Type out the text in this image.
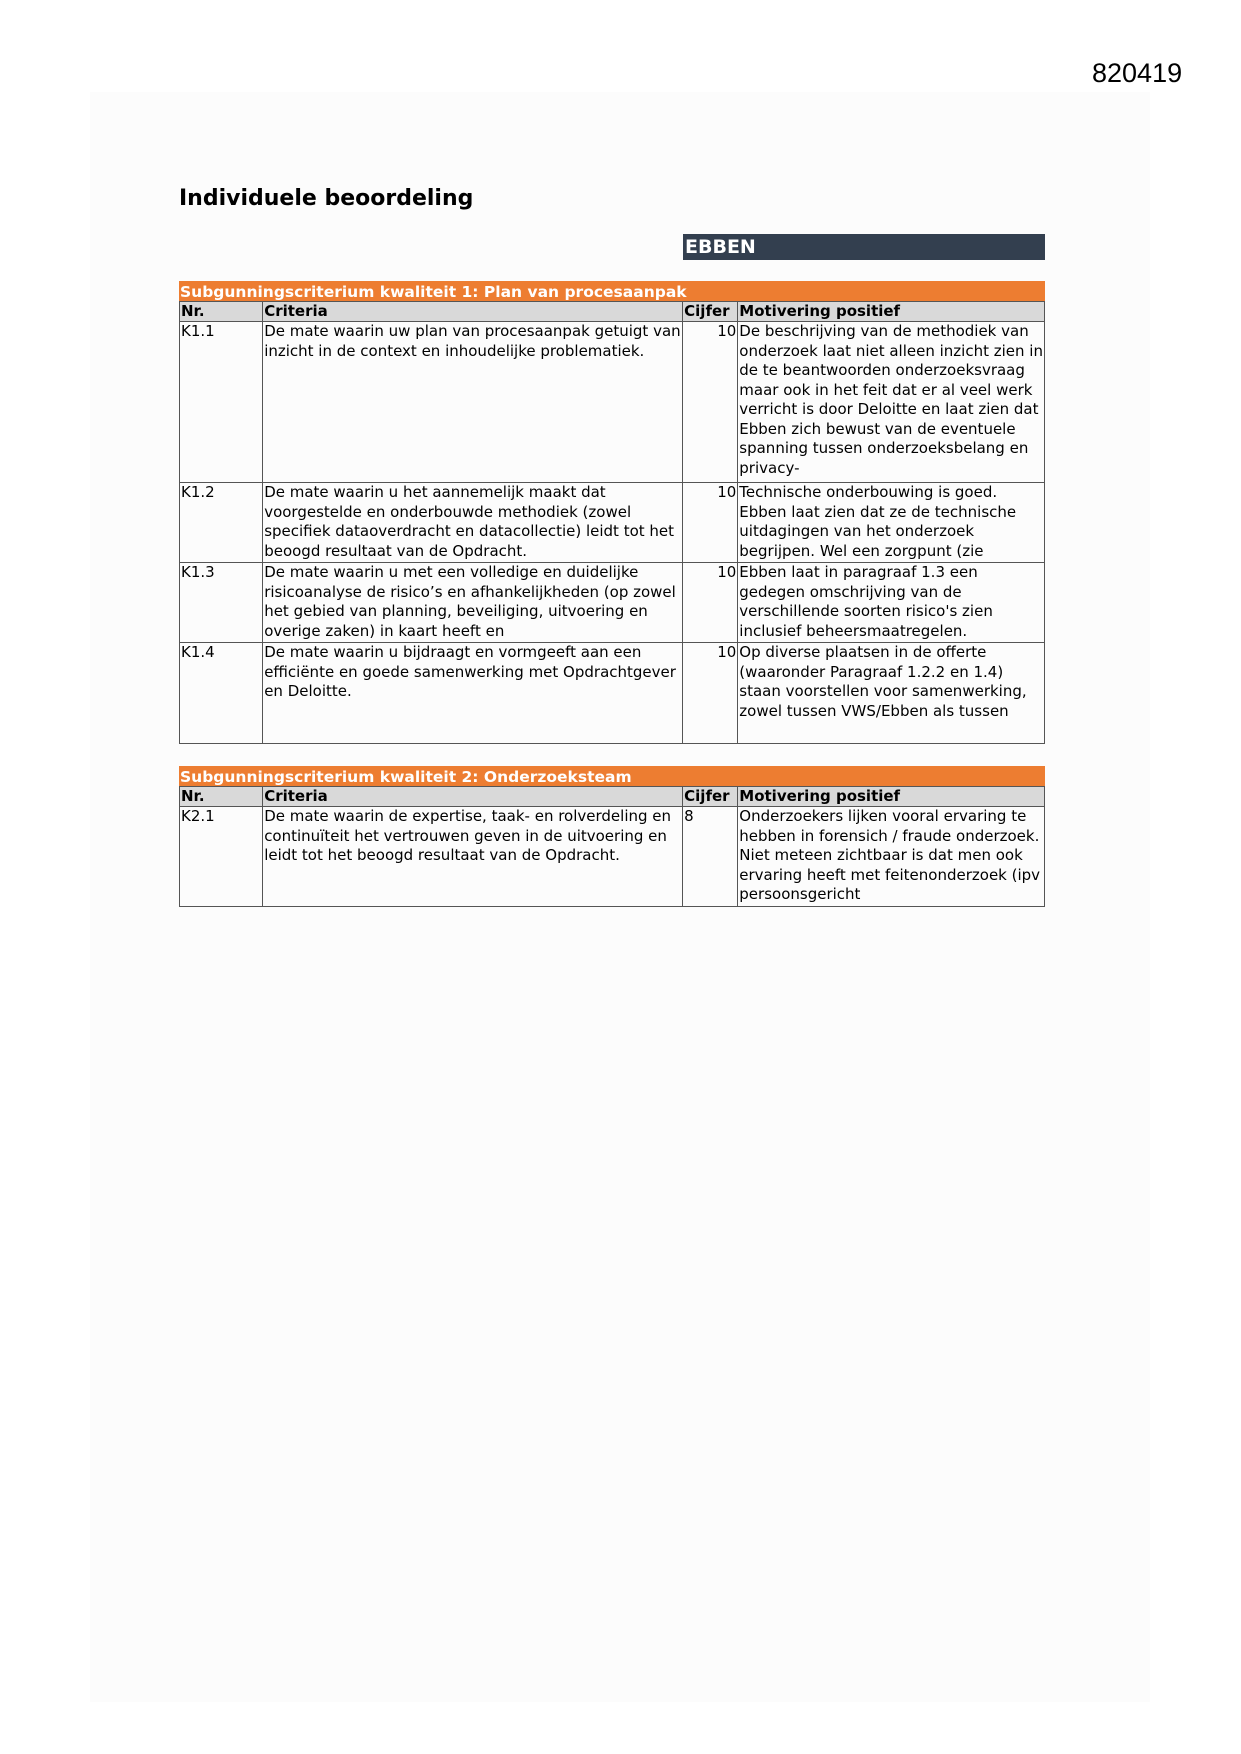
820419
Individuele beoordeling
EBBEN
Subgunningscriterium kwaliteit 1: Plan van procesaanpak
Nr.	Criteria	Cijfer	Motivering positief
K1.1	De mate waarin uw plan van procesaanpak getuigt van inzicht in de context en inhoudelijke problematiek.	10	De beschrijving van de methodiek van onderzoek laat niet alleen inzicht zien in de te beantwoorden onderzoeksvraag maar ook in het feit dat er al veel werk verricht is door Deloitte en laat zien dat Ebben zich bewust van de eventuele spanning tussen onderzoeksbelang en privacy-

K1.2	De mate waarin u het aannemelijk maakt dat voorgestelde en onderbouwde methodiek (zowel specifiek dataoverdracht en datacollectie) leidt tot het beoogd resultaat van de Opdracht.	10	Technische onderbouwing is goed. Ebben laat zien dat ze de technische uitdagingen van het onderzoek begrijpen. Wel een zorgpunt (zie

K1.3	De mate waarin u met een volledige en duidelijke risicoanalyse de risico’s en afhankelijkheden (op zowel het gebied van planning, beveiliging, uitvoering en overige zaken) in kaart heeft en	10	Ebben laat in paragraaf 1.3 een gedegen omschrijving van de verschillende soorten risico's zien inclusief beheersmaatregelen.

K1.4	De mate waarin u bijdraagt en vormgeeft aan een efficiënte en goede samenwerking met Opdrachtgever en Deloitte.	10	Op diverse plaatsen in de offerte (waaronder Paragraaf 1.2.2 en 1.4) staan voorstellen voor samenwerking, zowel tussen VWS/Ebben als tussen
Subgunningscriterium kwaliteit 2: Onderzoeksteam
Nr.	Criteria	Cijfer	Motivering positief
K2.1	De mate waarin de expertise, taak- en rolverdeling en continuïteit het vertrouwen geven in de uitvoering en leidt tot het beoogd resultaat van de Opdracht.	8	Onderzoekers lijken vooral ervaring te hebben in forensich / fraude onderzoek. Niet meteen zichtbaar is dat men ook ervaring heeft met feitenonderzoek (ipv persoonsgericht
